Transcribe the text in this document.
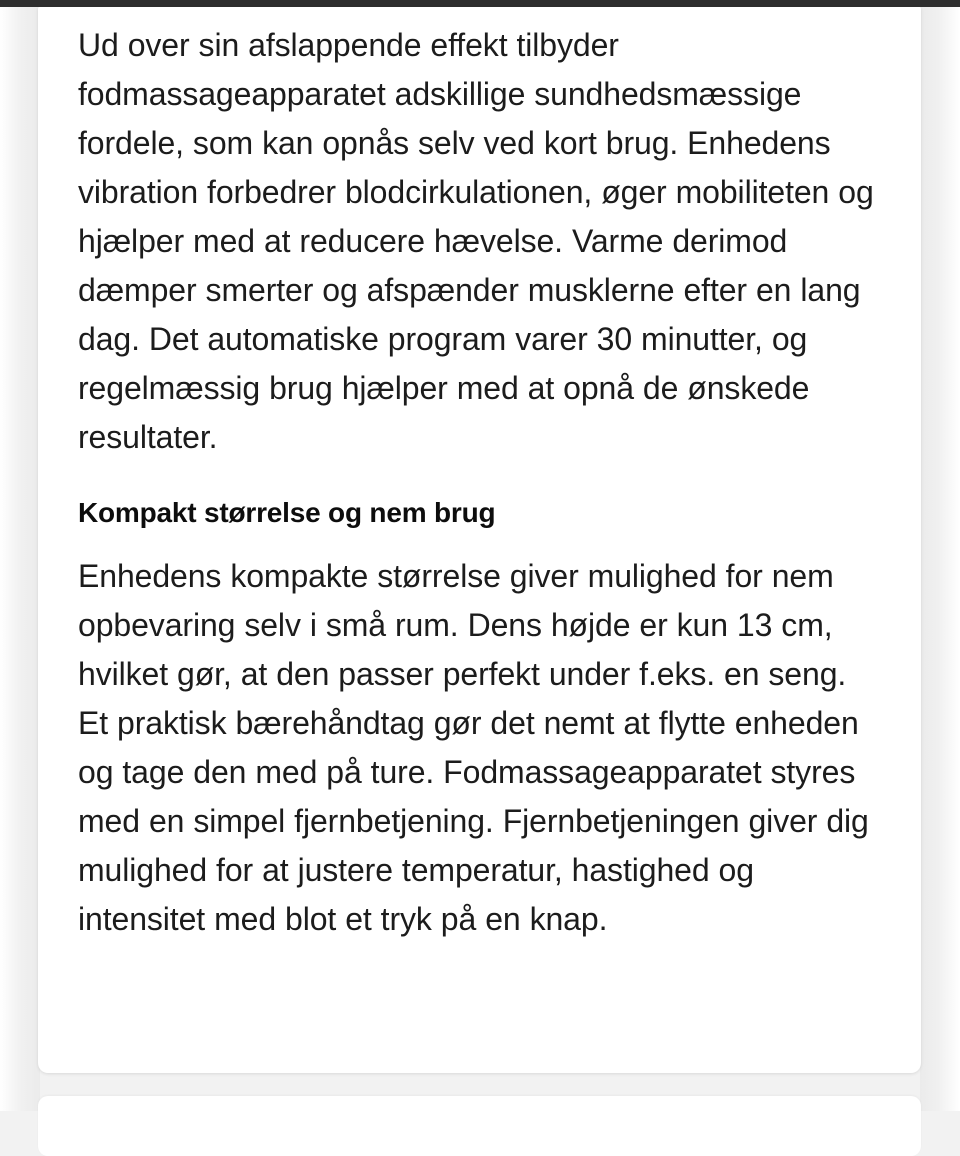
Ud over sin afslappende effekt tilbyder fodmassageapparatet adskillige sundhedsmæssige fordele, som kan opnås selv ved kort brug. Enhedens vibration forbedrer blodcirkulationen, øger mobiliteten og hjælper med at reducere hævelse. Varme derimod dæmper smerter og afspænder musklerne efter en lang dag. Det automatiske program varer 30 minutter, og regelmæssig brug hjælper med at opnå de ønskede resultater.

Kompakt størrelse og nem brug

Enhedens kompakte størrelse giver mulighed for nem opbevaring selv i små rum. Dens højde er kun 13 cm, hvilket gør, at den passer perfekt under f.eks. en seng. Et praktisk bærehåndtag gør det nemt at flytte enheden og tage den med på ture. Fodmassageapparatet styres med en simpel fjernbetjening. Fjernbetjeningen giver dig mulighed for at justere temperatur, hastighed og intensitet med blot et tryk på en knap.
